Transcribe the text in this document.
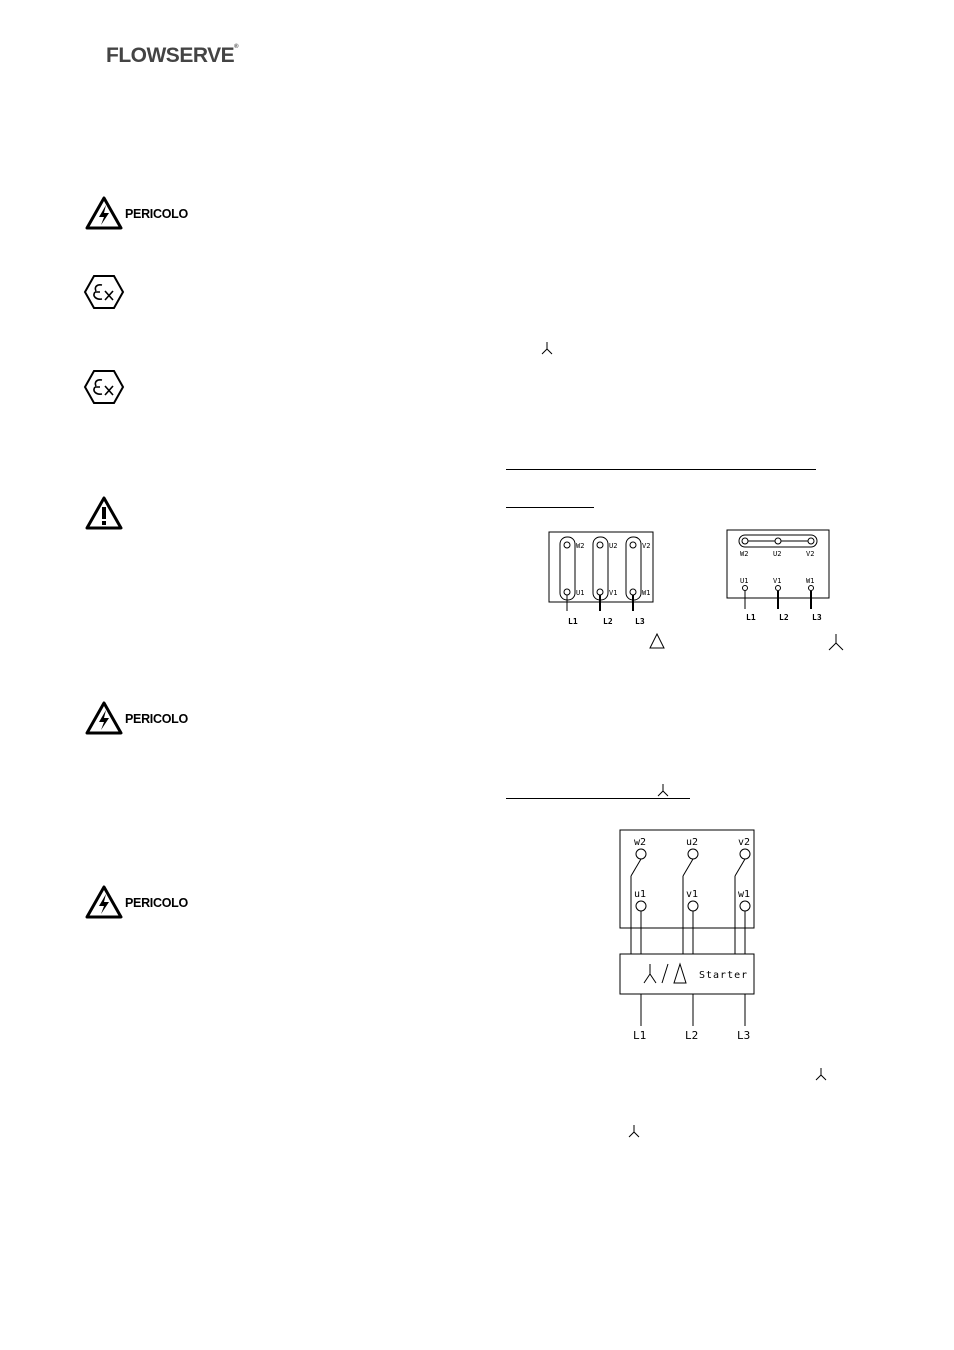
FLOWSERVE®
PERICOLO
PERICOLO
PERICOLO
W2	U2	V2
U1	V1	W1
L1	L2	L3
W2	U2	V2
U1	V1	W1
L1	L2	L3
w2	u2	v2
u1	v1	w1
Starter
L1	L2	L3
